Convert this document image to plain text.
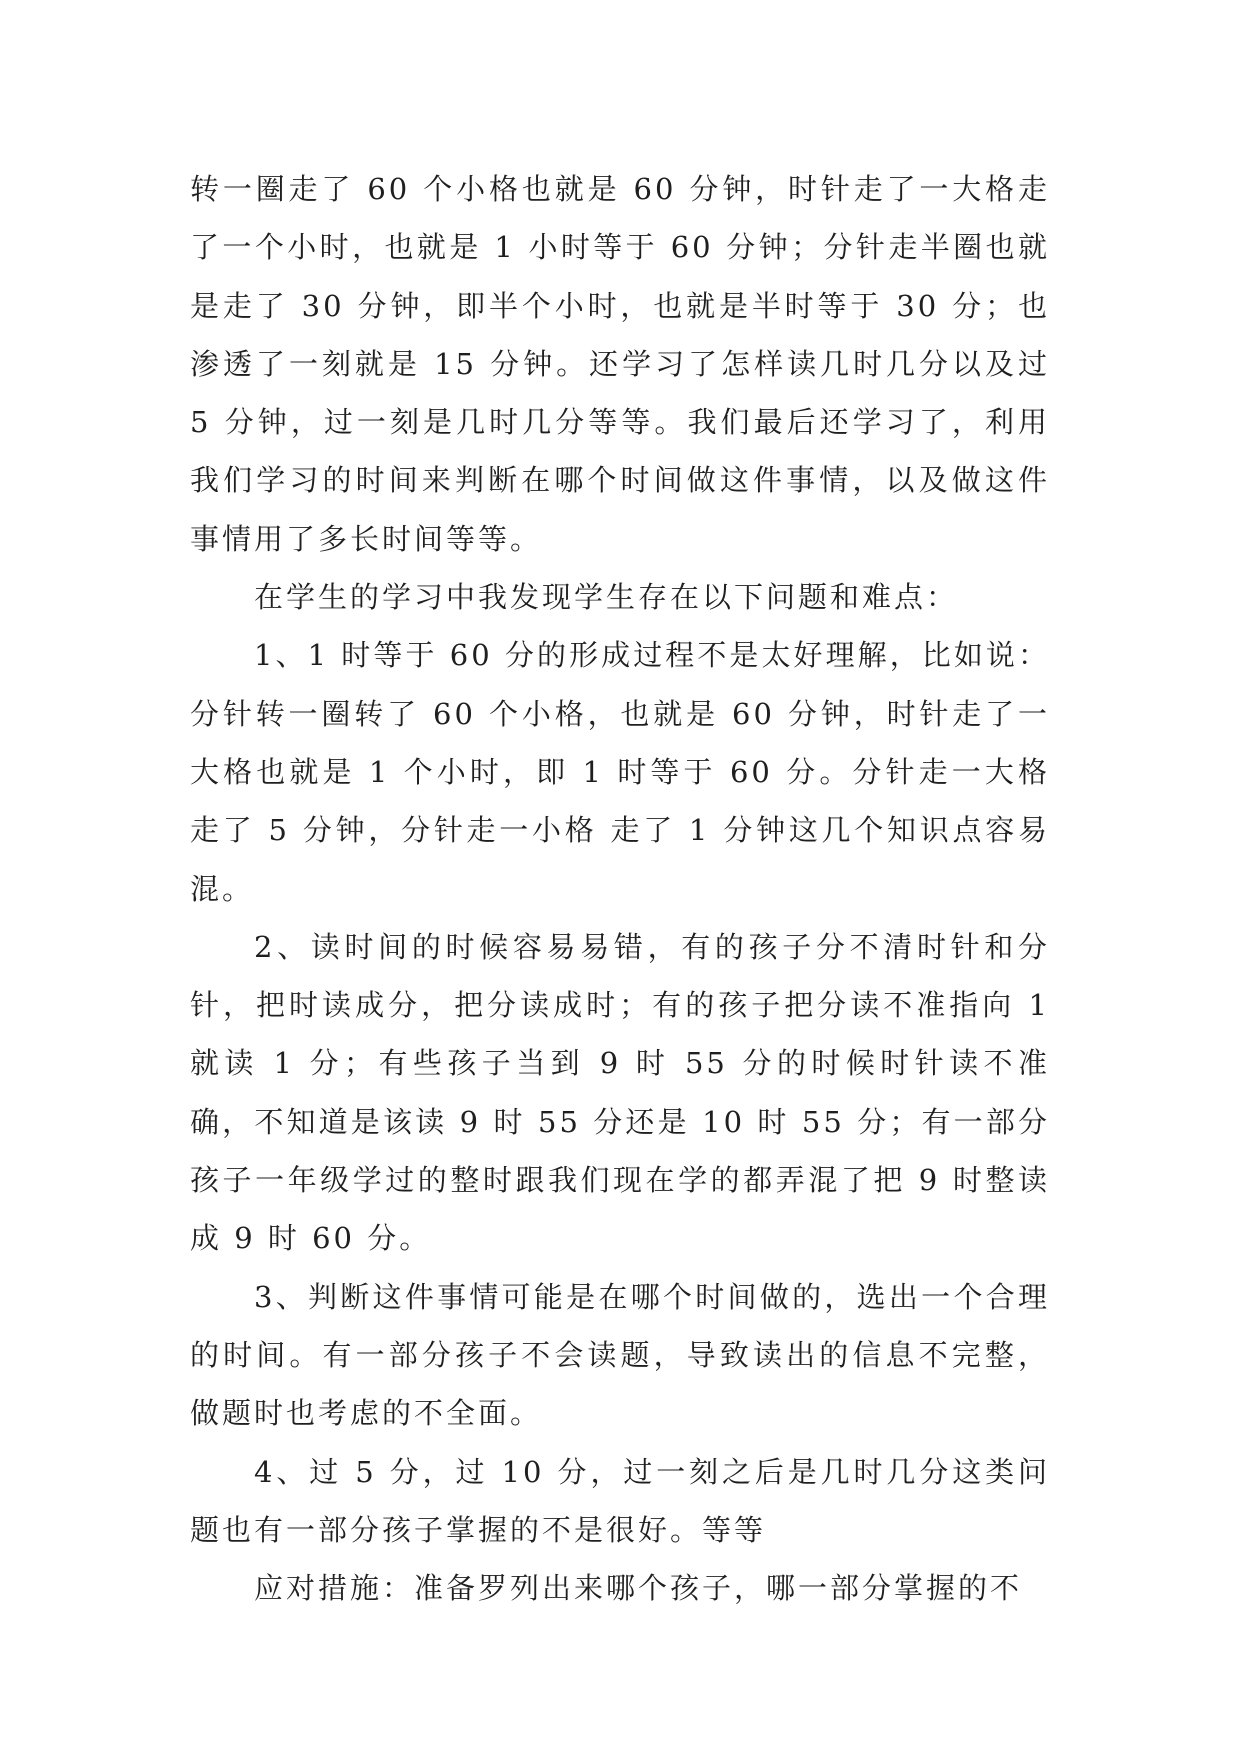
转一圈走了 60 个小格也就是 60 分钟，时针走了一大格走了一个小时，也就是 1 小时等于 60 分钟；分针走半圈也就是走了 30 分钟，即半个小时，也就是半时等于 30 分；也渗透了一刻就是 15 分钟。还学习了怎样读几时几分以及过 5 分钟，过一刻是几时几分等等。我们最后还学习了，利用我们学习的时间来判断在哪个时间做这件事情，以及做这件事情用了多长时间等等。

在学生的学习中我发现学生存在以下问题和难点：

1、1 时等于 60 分的形成过程不是太好理解，比如说：分针转一圈转了 60 个小格，也就是 60 分钟，时针走了一大格也就是 1 个小时，即 1 时等于 60 分。分针走一大格走了 5 分钟，分针走一小格 走了 1 分钟这几个知识点容易混。

2、读时间的时候容易易错，有的孩子分不清时针和分针，把时读成分，把分读成时；有的孩子把分读不准指向 1 就读 1 分；有些孩子当到 9 时 55 分的时候时针读不准确，不知道是该读 9 时 55 分还是 10 时 55 分；有一部分孩子一年级学过的整时跟我们现在学的都弄混了把 9 时整读成 9 时 60 分。

3、判断这件事情可能是在哪个时间做的，选出一个合理的时间。有一部分孩子不会读题，导致读出的信息不完整，做题时也考虑的不全面。

4、过 5 分，过 10 分，过一刻之后是几时几分这类问题也有一部分孩子掌握的不是很好。等等

应对措施：准备罗列出来哪个孩子，哪一部分掌握的不
